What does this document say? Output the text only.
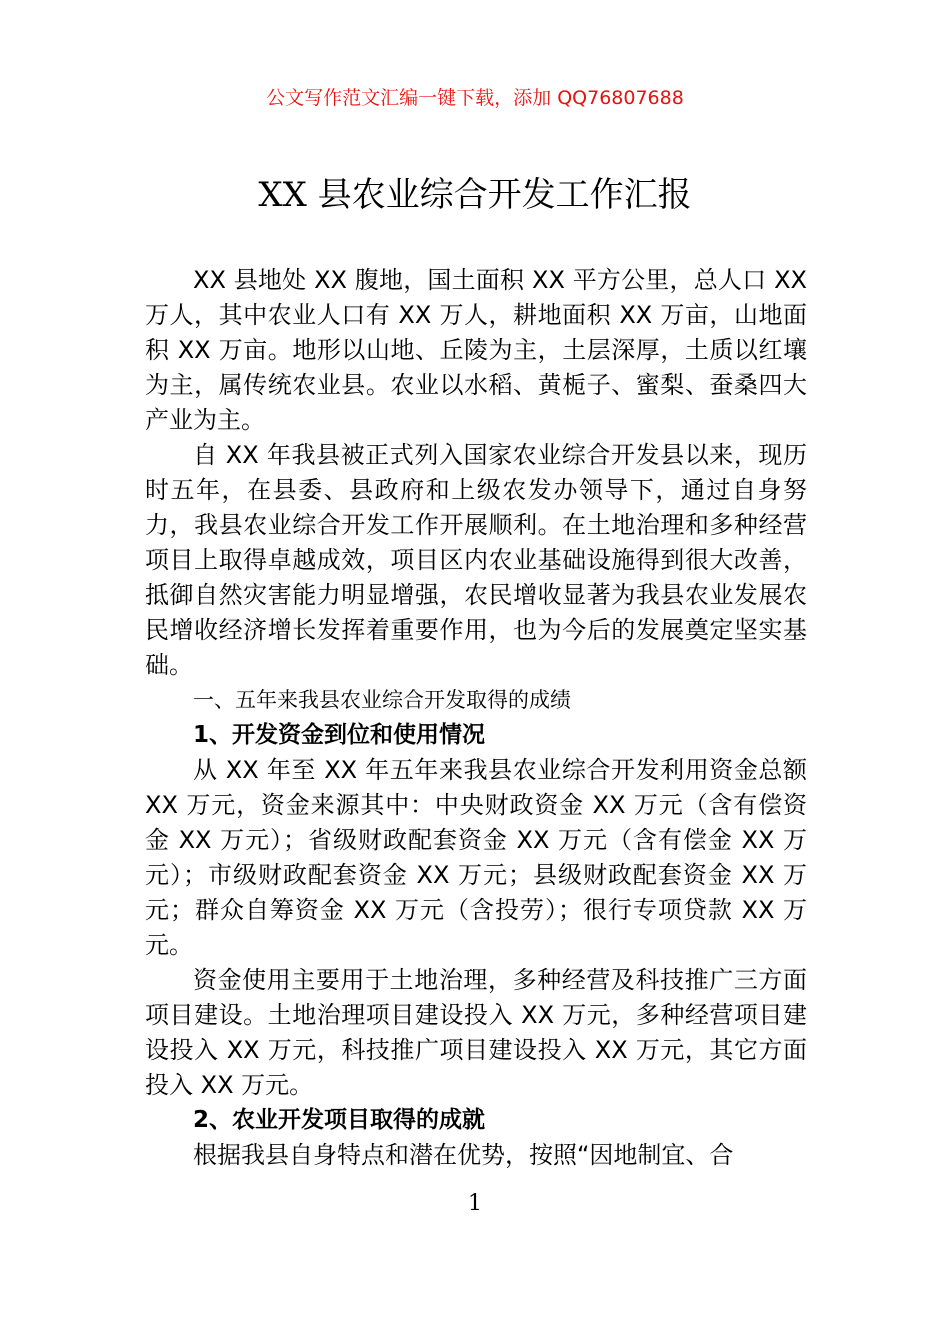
公文写作范文汇编一键下载，添加 QQ76807688
XX 县农业综合开发工作汇报

XX 县地处 XX 腹地，国土面积 XX 平方公里，总人口 XX 万人，其中农业人口有 XX 万人，耕地面积 XX 万亩，山地面积 XX 万亩。地形以山地、丘陵为主，土层深厚，土质以红壤为主，属传统农业县。农业以水稻、黄栀子、蜜梨、蚕桑四大产业为主。

自 XX 年我县被正式列入国家农业综合开发县以来，现历时五年，在县委、县政府和上级农发办领导下，通过自身努力，我县农业综合开发工作开展顺利。在土地治理和多种经营项目上取得卓越成效，项目区内农业基础设施得到很大改善，抵御自然灾害能力明显增强，农民增收显著为我县农业发展农民增收经济增长发挥着重要作用，也为今后的发展奠定坚实基础。

一、五年来我县农业综合开发取得的成绩

1、开发资金到位和使用情况

从 XX 年至 XX 年五年来我县农业综合开发利用资金总额 XX 万元，资金来源其中：中央财政资金 XX 万元（含有偿资金 XX 万元）；省级财政配套资金 XX 万元（含有偿金 XX 万元）；市级财政配套资金 XX 万元；县级财政配套资金 XX 万元；群众自筹资金 XX 万元（含投劳）；很行专项贷款 XX 万元。

资金使用主要用于土地治理，多种经营及科技推广三方面项目建设。土地治理项目建设投入 XX 万元，多种经营项目建设投入 XX 万元，科技推广项目建设投入 XX 万元，其它方面投入 XX 万元。

2、农业开发项目取得的成就

根据我县自身特点和潜在优势，按照“因地制宜、合

1
